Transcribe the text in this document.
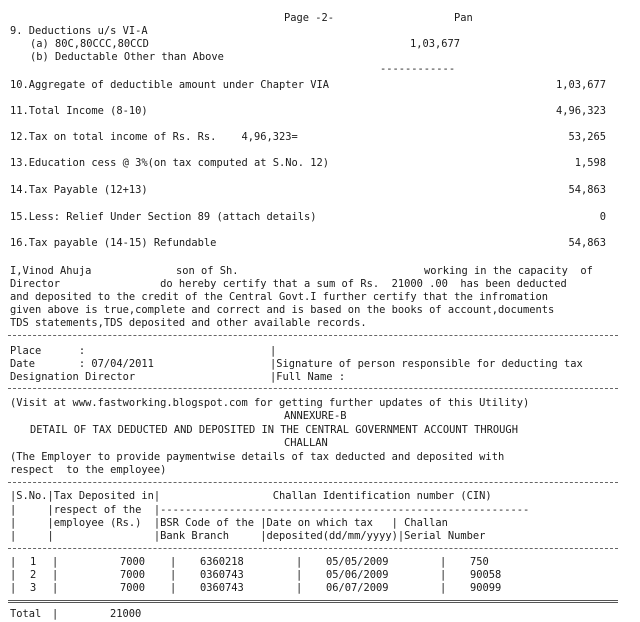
Page -2-	Pan
9. Deductions u/s VI-A
(a) 80C,80CCC,80CCD	1,03,677
(b) Deductable Other than Above
------------
10.Aggregate of deductible amount under Chapter VIA	1,03,677
11.Total Income (8-10)	4,96,323
12.Tax on total income of Rs. Rs.    4,96,323=	53,265
13.Education cess @ 3%(on tax computed at S.No. 12)	1,598
14.Tax Payable (12+13)	54,863
15.Less: Relief Under Section 89 (attach details)	0
16.Tax payable (14-15) Refundable	54,863
I,Vinod Ahuja	son of Sh.	working in the capacity  of
Director                do hereby certify that a sum of Rs.  21000 .00  has been deducted
and deposited to the credit of the Central Govt.I further certify that the infromation
given above is true,complete and correct and is based on the books of account,documents
TDS statements,TDS deposited and other available records.
Place      :	|
Date       : 07/04/2011	|Signature of person responsible for deducting tax
Designation Director	|Full Name :
(Visit at www.fastworking.blogspot.com for getting further updates of this Utility)
ANNEXURE-B
DETAIL OF TAX DEDUCTED AND DEPOSITED IN THE CENTRAL GOVERNMENT ACCOUNT THROUGH
CHALLAN
(The Employer to provide paymentwise details of tax deducted and deposited with
respect  to the employee)
|S.No.|Tax Deposited in|                  Challan Identification number (CIN)
|     |respect of the  |-----------------------------------------------------------
|     |employee (Rs.)  |BSR Code of the |Date on which tax   | Challan
|     |                |Bank Branch     |deposited(dd/mm/yyyy)|Serial Number
|	|	|	|	|
1	7000	6360218	05/05/2009	750
|	|	|	|	|
2	7000	0360743	05/06/2009	90058
|	|	|	|	|
3	7000	0360743	06/07/2009	90099
Total |	21000
